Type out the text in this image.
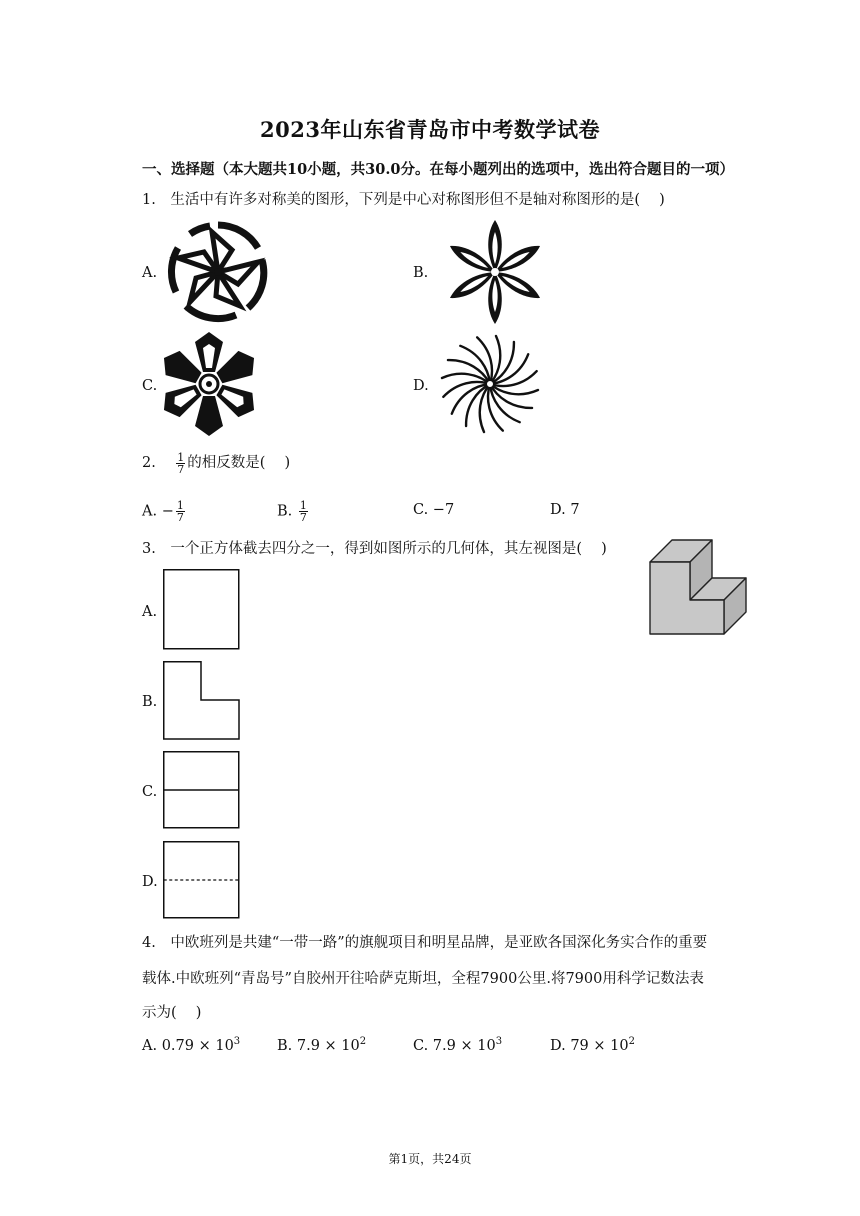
2023年山东省青岛市中考数学试卷
一、选择题（本大题共10小题，共30.0分。在每小题列出的选项中，选出符合题目的一项）
1.　生活中有许多对称美的图形，下列是中心对称图形但不是轴对称图形的是(　 )
A.	B.
C.	D.
2. $\frac{1}{7}$ 的相反数是(　 )
A. − $\frac{1}{7}$	B. $\frac{1}{7}$	C. −7	D. 7
3.　一个正方体截去四分之一，得到如图所示的几何体，其左视图是(　 )
A.
B.
C.
D.
4.　中欧班列是共建“一带一路”的旗舰项目和明星品牌，是亚欧各国深化务实合作的重要
载体.中欧班列“青岛号”自胶州开往哈萨克斯坦，全程7900公里.将7900用科学记数法表
示为(　 )
A. $0.79 \times 10^3$	B. $7.9 \times 10^2$	C. $7.9 \times 10^3$	D. $79 \times 10^2$
第1页，共24页
